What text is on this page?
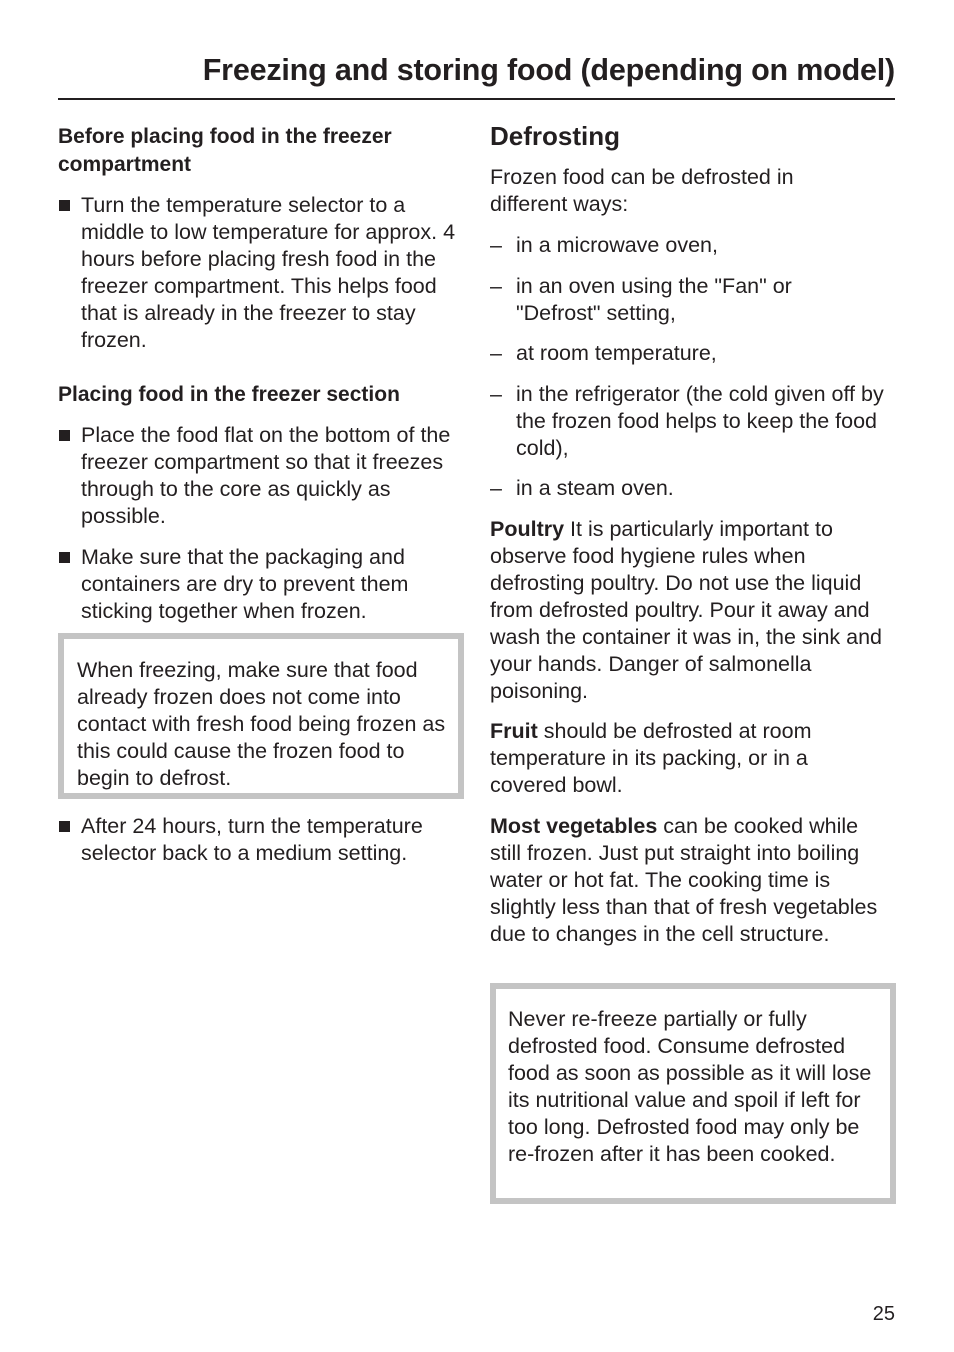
Freezing and storing food (depending on model)
Before placing food in the freezer compartment
Turn the temperature selector to a middle to low temperature for approx. 4 hours before placing fresh food in the freezer compartment. This helps food that is already in the freezer to stay frozen.
Placing food in the freezer section
Place the food flat on the bottom of the freezer compartment so that it freezes through to the core as quickly as possible.
Make sure that the packaging and containers are dry to prevent them sticking together when frozen.
When freezing, make sure that food already frozen does not come into contact with fresh food being frozen as this could cause the frozen food to begin to defrost.
After 24 hours, turn the temperature selector back to a medium setting.
Defrosting
Frozen food can be defrosted in different ways:
– in a microwave oven,
– in an oven using the "Fan" or "Defrost" setting,
– at room temperature,
– in the refrigerator (the cold given off by the frozen food helps to keep the food cold),
– in a steam oven.
Poultry It is particularly important to observe food hygiene rules when defrosting poultry. Do not use the liquid from defrosted poultry. Pour it away and wash the container it was in, the sink and your hands. Danger of salmonella poisoning.
Fruit should be defrosted at room temperature in its packing, or in a covered bowl.
Most vegetables can be cooked while still frozen. Just put straight into boiling water or hot fat. The cooking time is slightly less than that of fresh vegetables due to changes in the cell structure.
Never re-freeze partially or fully defrosted food. Consume defrosted food as soon as possible as it will lose its nutritional value and spoil if left for too long. Defrosted food may only be re-frozen after it has been cooked.
25
